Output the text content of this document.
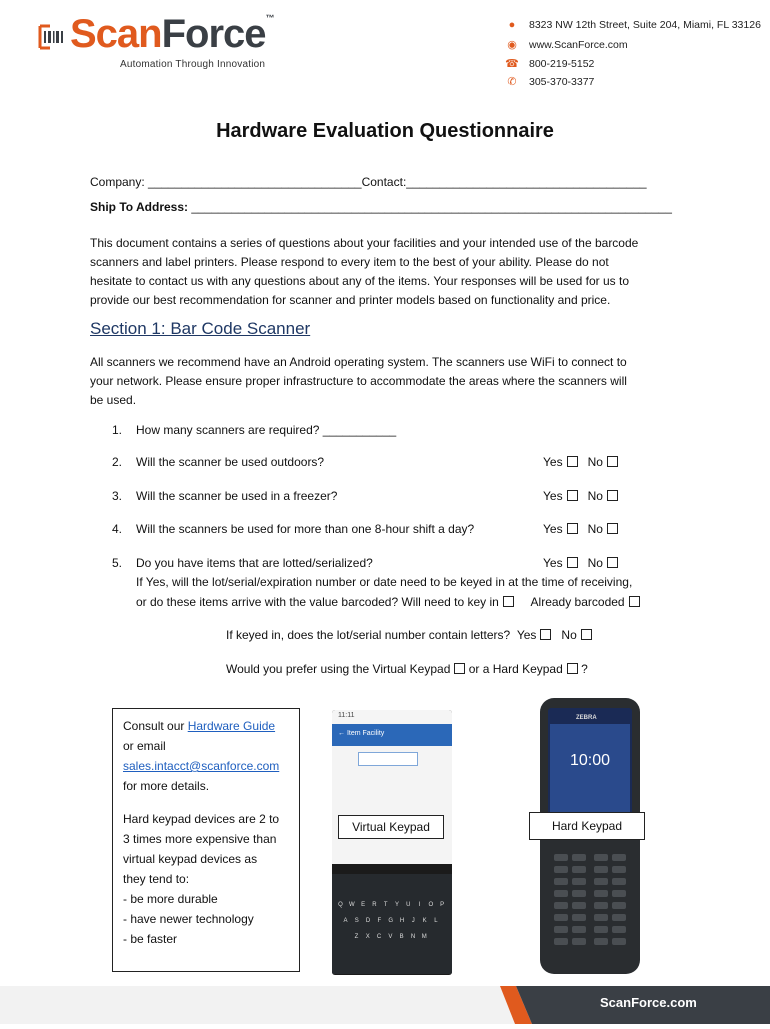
ScanForce™
Automation Through Innovation
●	8323 NW 12th Street, Suite 204, Miami, FL 33126
◉	www.ScanForce.com
☎ 800-219-5152
✆	305-370-3377
Hardware Evaluation Questionnaire
Company: ________________________________Contact:____________________________________
Ship To Address: ________________________________________________________________________
This document contains a series of questions about your facilities and your intended use of the barcode
scanners and label printers. Please respond to every item to the best of your ability. Please do not
hesitate to contact us with any questions about any of the items. Your responses will be used for us to
provide our best recommendation for scanner and printer models based on functionality and price.
Section 1: Bar Code Scanner
All scanners we recommend have an Android operating system. The scanners use WiFi to connect to
your network. Please ensure proper infrastructure to accommodate the areas where the scanners will
be used.
1. How many scanners are required? ___________
2. Will the scanner be used outdoors?	Yes No
3. Will the scanner be used in a freezer?	Yes No
4. Will the scanners be used for more than one 8-hour shift a day?	Yes No
5. Do you have items that are lotted/serialized?	Yes No
If Yes, will the lot/serial/expiration number or date need to be keyed in at the time of receiving,
or do these items arrive with the value barcoded? Will need to key in	Already barcoded
If keyed in, does the lot/serial number contain letters? Yes No
Would you prefer using the Virtual Keypad or a Hard Keypad ?
Consult our Hardware Guide
or email
sales.intacct@scanforce.com
for more details.
Hard keypad devices are 2 to
3 times more expensive than
virtual keypad devices as
they tend to:
- be more durable
- have newer technology
- be faster
11:11
← Item Facility
Q	W	E	R	T	Y	U	I	O	P
A	S	D	F	G	H	J	K	L
Z	X	C	V	B	N	M
Virtual Keypad
ZEBRA
10:00
Hard Keypad
ScanForce.com
